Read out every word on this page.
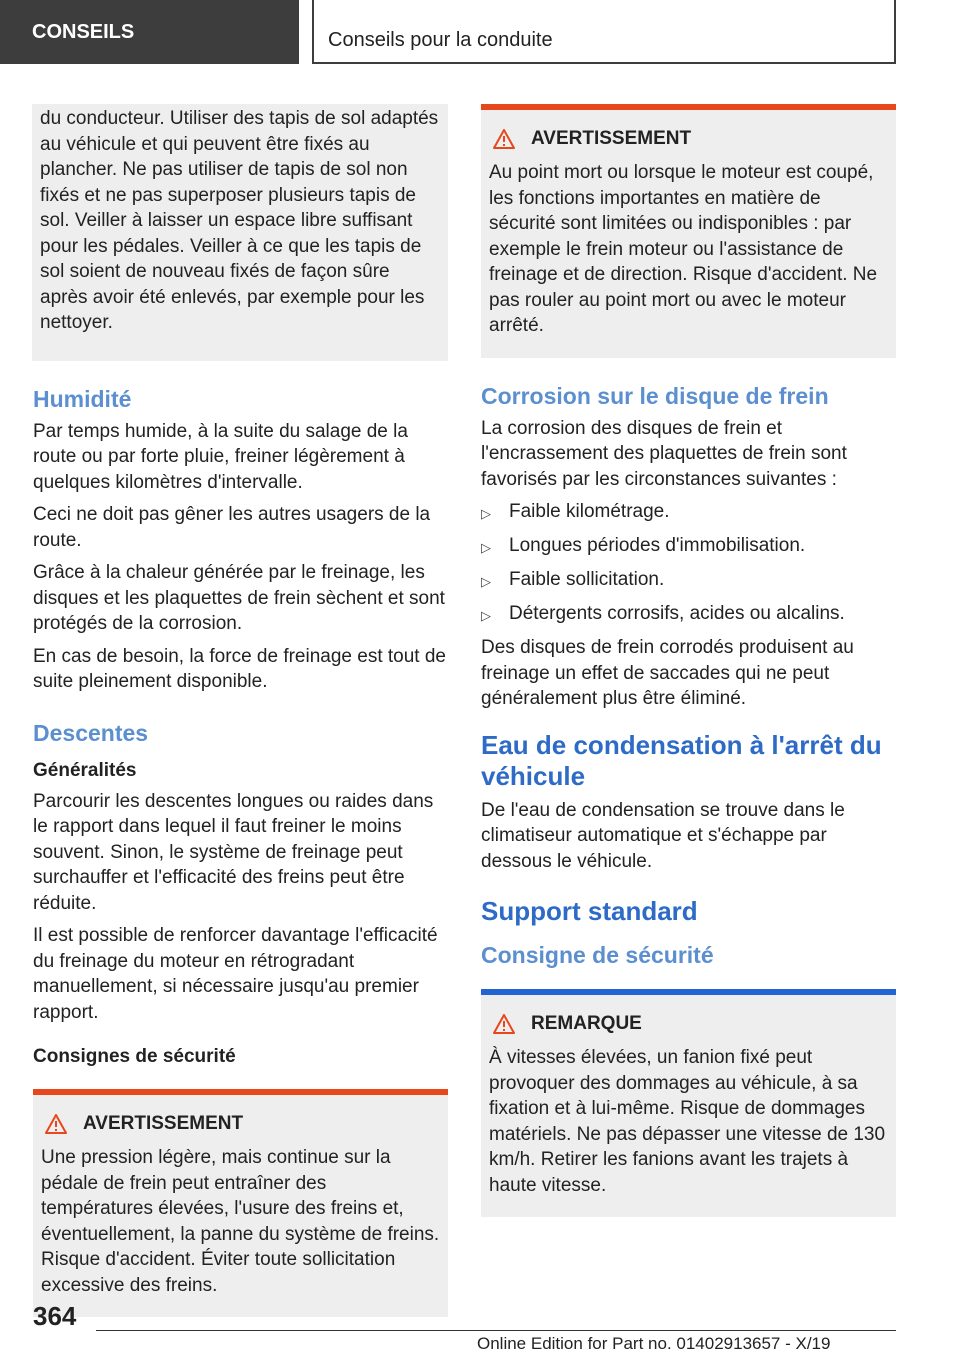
CONSEILS	Conseils pour la conduite

du conducteur. Utiliser des tapis de sol adaptés au véhicule et qui peuvent être fixés au plancher. Ne pas utiliser de tapis de sol non fixés et ne pas superposer plusieurs tapis de sol. Veiller à laisser un espace libre suffisant pour les pédales. Veiller à ce que les tapis de sol soient de nouveau fixés de façon sûre après avoir été enlevés, par exemple pour les nettoyer.

Humidité

Par temps humide, à la suite du salage de la route ou par forte pluie, freiner légèrement à quelques kilomètres d'intervalle.

Ceci ne doit pas gêner les autres usagers de la route.

Grâce à la chaleur générée par le freinage, les disques et les plaquettes de frein sèchent et sont protégés de la corrosion.

En cas de besoin, la force de freinage est tout de suite pleinement disponible.

Descentes
Généralités

Parcourir les descentes longues ou raides dans le rapport dans lequel il faut freiner le moins souvent. Sinon, le système de freinage peut surchauffer et l'efficacité des freins peut être réduite.

Il est possible de renforcer davantage l'efficacité du freinage du moteur en rétrogradant manuellement, si nécessaire jusqu'au premier rapport.

Consignes de sécurité
AVERTISSEMENT

Une pression légère, mais continue sur la pédale de frein peut entraîner des températures élevées, l'usure des freins et, éventuellement, la panne du système de freins. Risque d'accident. Éviter toute sollicitation excessive des freins.

AVERTISSEMENT

Au point mort ou lorsque le moteur est coupé, les fonctions importantes en matière de sécurité sont limitées ou indisponibles : par exemple le frein moteur ou l'assistance de freinage et de direction. Risque d'accident. Ne pas rouler au point mort ou avec le moteur arrêté.

Corrosion sur le disque de frein

La corrosion des disques de frein et l'encrassement des plaquettes de frein sont favorisés par les circonstances suivantes :

▷ Faible kilométrage.
▷ Longues périodes d'immobilisation.
▷ Faible sollicitation.
▷ Détergents corrosifs, acides ou alcalins.

Des disques de frein corrodés produisent au freinage un effet de saccades qui ne peut généralement plus être éliminé.

Eau de condensation à l'arrêt du véhicule

De l'eau de condensation se trouve dans le climatiseur automatique et s'échappe par dessous le véhicule.

Support standard
Consigne de sécurité
REMARQUE

À vitesses élevées, un fanion fixé peut provoquer des dommages au véhicule, à sa fixation et à lui-même. Risque de dommages matériels. Ne pas dépasser une vitesse de 130 km/h. Retirer les fanions avant les trajets à haute vitesse.

364
Online Edition for Part no. 01402913657 - X/19
